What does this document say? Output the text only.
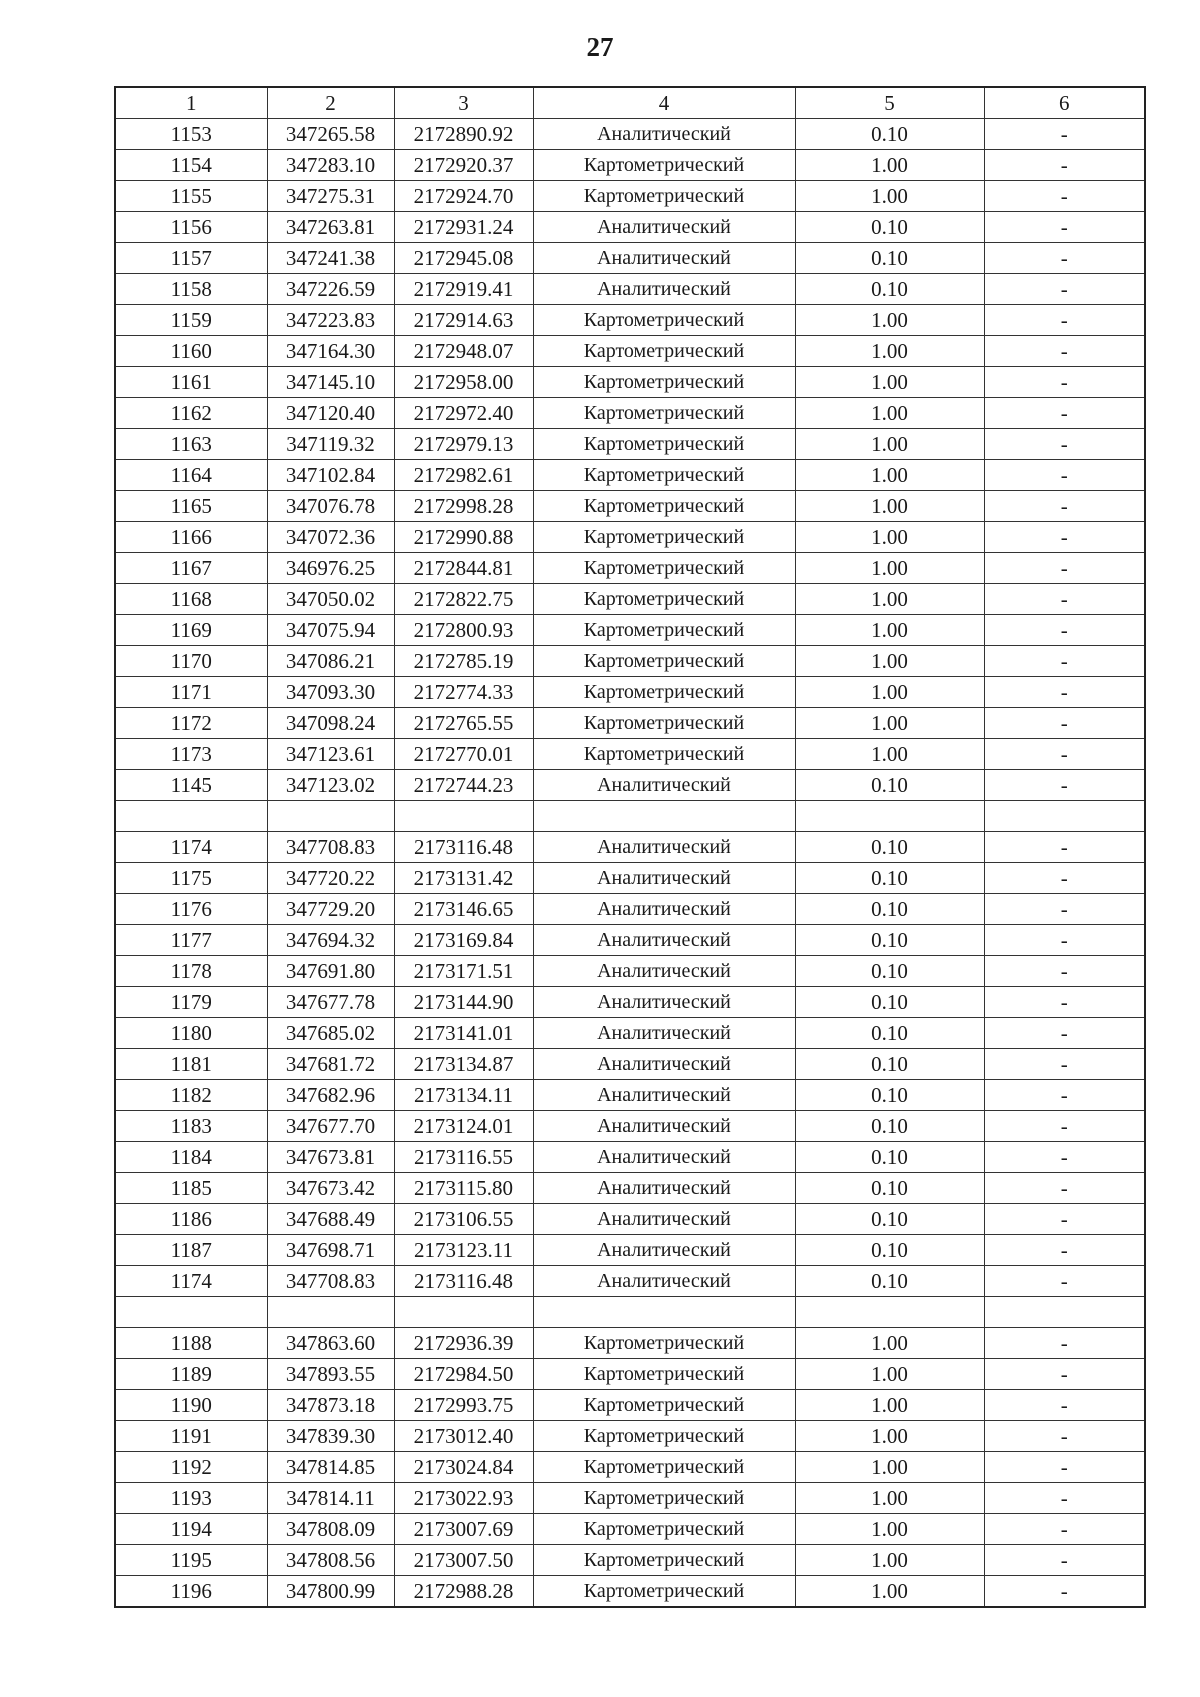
27
1	2	3	4	5	6
1153	347265.58	2172890.92	Аналитический	0.10	-
1154	347283.10	2172920.37	Картометрический	1.00	-
1155	347275.31	2172924.70	Картометрический	1.00	-
1156	347263.81	2172931.24	Аналитический	0.10	-
1157	347241.38	2172945.08	Аналитический	0.10	-
1158	347226.59	2172919.41	Аналитический	0.10	-
1159	347223.83	2172914.63	Картометрический	1.00	-
1160	347164.30	2172948.07	Картометрический	1.00	-
1161	347145.10	2172958.00	Картометрический	1.00	-
1162	347120.40	2172972.40	Картометрический	1.00	-
1163	347119.32	2172979.13	Картометрический	1.00	-
1164	347102.84	2172982.61	Картометрический	1.00	-
1165	347076.78	2172998.28	Картометрический	1.00	-
1166	347072.36	2172990.88	Картометрический	1.00	-
1167	346976.25	2172844.81	Картометрический	1.00	-
1168	347050.02	2172822.75	Картометрический	1.00	-
1169	347075.94	2172800.93	Картометрический	1.00	-
1170	347086.21	2172785.19	Картометрический	1.00	-
1171	347093.30	2172774.33	Картометрический	1.00	-
1172	347098.24	2172765.55	Картометрический	1.00	-
1173	347123.61	2172770.01	Картометрический	1.00	-
1145	347123.02	2172744.23	Аналитический	0.10	-

1174	347708.83	2173116.48	Аналитический	0.10	-
1175	347720.22	2173131.42	Аналитический	0.10	-
1176	347729.20	2173146.65	Аналитический	0.10	-
1177	347694.32	2173169.84	Аналитический	0.10	-
1178	347691.80	2173171.51	Аналитический	0.10	-
1179	347677.78	2173144.90	Аналитический	0.10	-
1180	347685.02	2173141.01	Аналитический	0.10	-
1181	347681.72	2173134.87	Аналитический	0.10	-
1182	347682.96	2173134.11	Аналитический	0.10	-
1183	347677.70	2173124.01	Аналитический	0.10	-
1184	347673.81	2173116.55	Аналитический	0.10	-
1185	347673.42	2173115.80	Аналитический	0.10	-
1186	347688.49	2173106.55	Аналитический	0.10	-
1187	347698.71	2173123.11	Аналитический	0.10	-
1174	347708.83	2173116.48	Аналитический	0.10	-

1188	347863.60	2172936.39	Картометрический	1.00	-
1189	347893.55	2172984.50	Картометрический	1.00	-
1190	347873.18	2172993.75	Картометрический	1.00	-
1191	347839.30	2173012.40	Картометрический	1.00	-
1192	347814.85	2173024.84	Картометрический	1.00	-
1193	347814.11	2173022.93	Картометрический	1.00	-
1194	347808.09	2173007.69	Картометрический	1.00	-
1195	347808.56	2173007.50	Картометрический	1.00	-
1196	347800.99	2172988.28	Картометрический	1.00	-
